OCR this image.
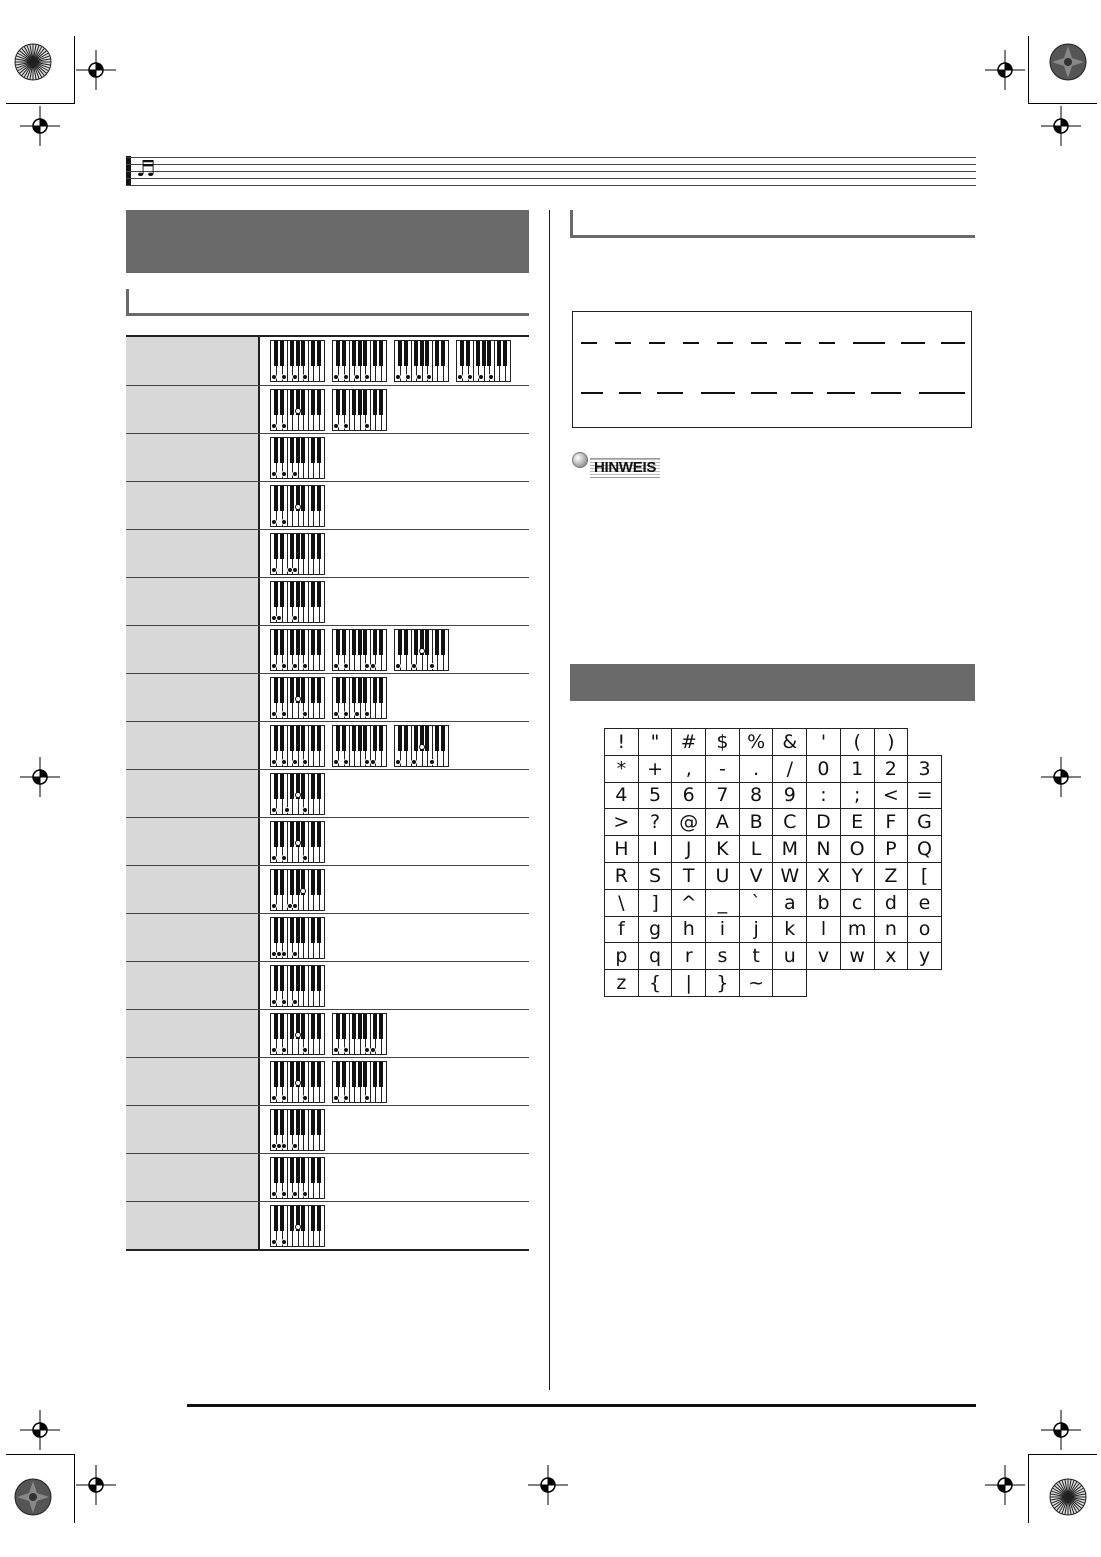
♬
HINWEIS
!	"	#	$	%	&	'	(	)	
*	+	,	-	.	/	0	1	2	3
4	5	6	7	8	9	:	;	<	=
>	?	@	A	B	C	D	E	F	G
H	I	J	K	L	M	N	O	P	Q
R	S	T	U	V	W	X	Y	Z	[
\	]	^	_	`	a	b	c	d	e
f	g	h	i	j	k	l	m	n	o
p	q	r	s	t	u	v	w	x	y
z	{	|	}	~					
